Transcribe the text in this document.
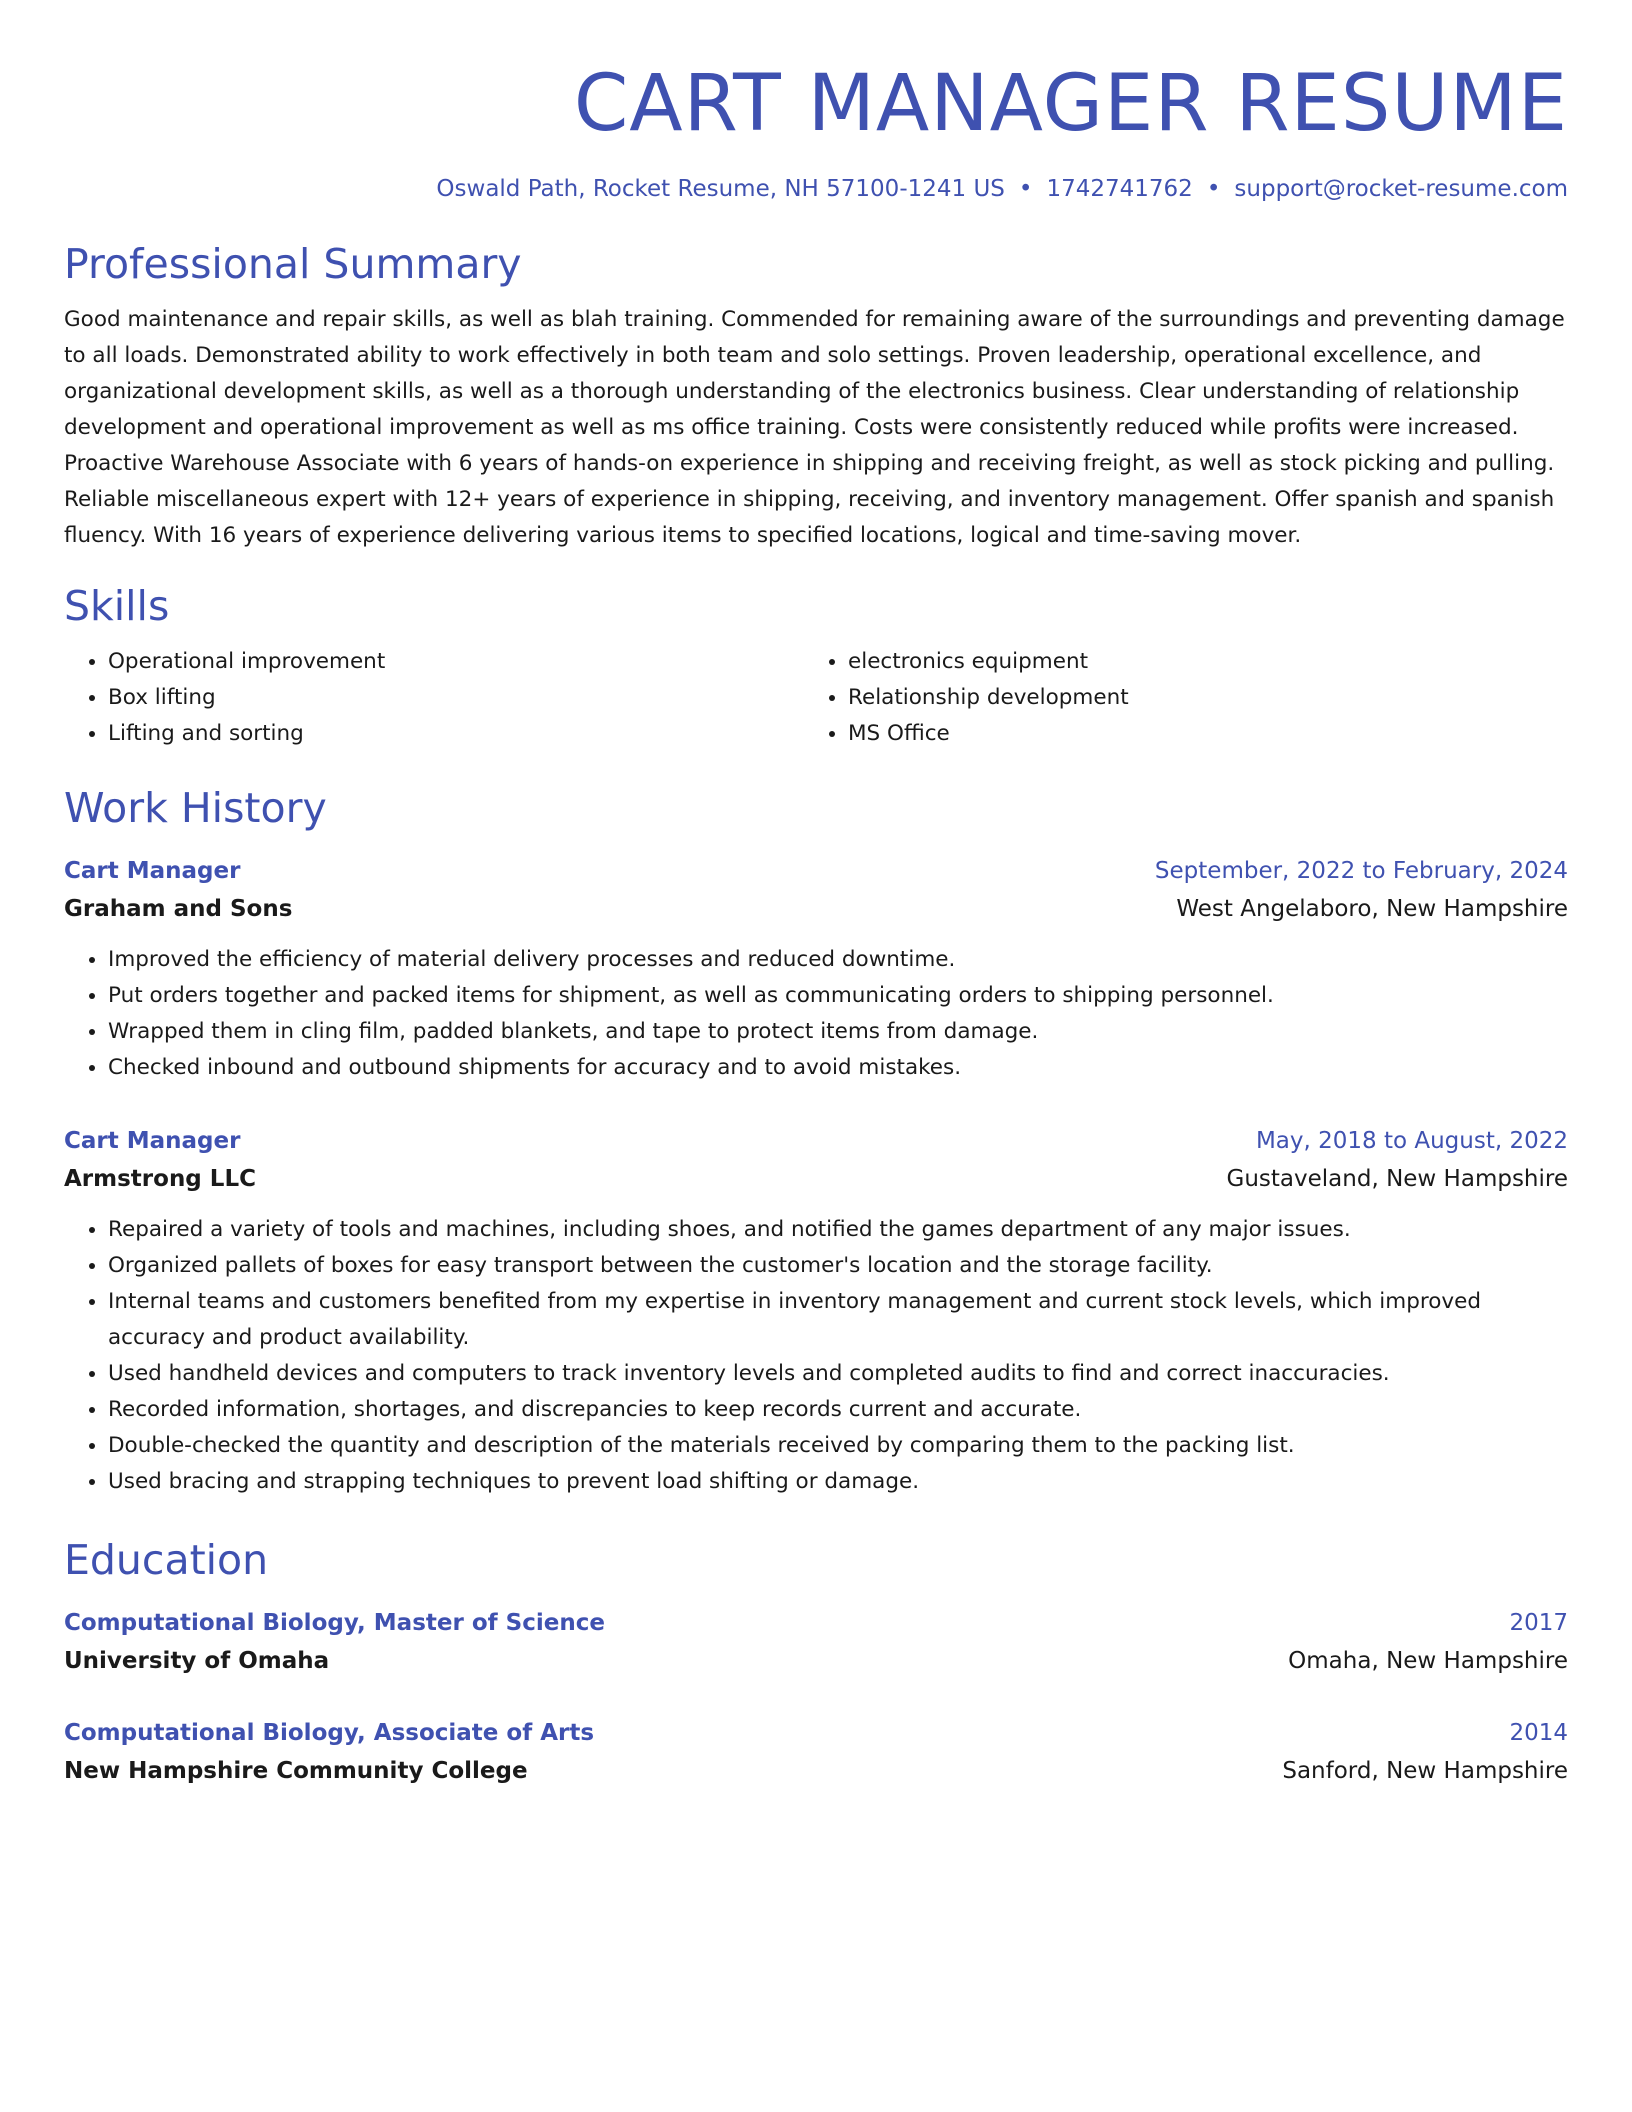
CART MANAGER RESUME
Oswald Path, Rocket Resume, NH 57100-1241 US • 1742741762 • support@rocket-resume.com
Professional Summary
Good maintenance and repair skills, as well as blah training. Commended for remaining aware of the surroundings and preventing damage to all loads. Demonstrated ability to work effectively in both team and solo settings. Proven leadership, operational excellence, and organizational development skills, as well as a thorough understanding of the electronics business. Clear understanding of relationship development and operational improvement as well as ms office training. Costs were consistently reduced while profits were increased. Proactive Warehouse Associate with 6 years of hands-on experience in shipping and receiving freight, as well as stock picking and pulling. Reliable miscellaneous expert with 12+ years of experience in shipping, receiving, and inventory management. Offer spanish and spanish fluency. With 16 years of experience delivering various items to specified locations, logical and time-saving mover.
Skills
• Operational improvement
• Box lifting
• Lifting and sorting
• electronics equipment
• Relationship development
• MS Office
Work History
Cart Manager	September, 2022 to February, 2024
Graham and Sons	West Angelaboro, New Hampshire
• Improved the efficiency of material delivery processes and reduced downtime.
• Put orders together and packed items for shipment, as well as communicating orders to shipping personnel.
• Wrapped them in cling film, padded blankets, and tape to protect items from damage.
• Checked inbound and outbound shipments for accuracy and to avoid mistakes.
Cart Manager	May, 2018 to August, 2022
Armstrong LLC	Gustaveland, New Hampshire
• Repaired a variety of tools and machines, including shoes, and notified the games department of any major issues.
• Organized pallets of boxes for easy transport between the customer's location and the storage facility.
• Internal teams and customers benefited from my expertise in inventory management and current stock levels, which improved accuracy and product availability.
• Used handheld devices and computers to track inventory levels and completed audits to find and correct inaccuracies.
• Recorded information, shortages, and discrepancies to keep records current and accurate.
• Double-checked the quantity and description of the materials received by comparing them to the packing list.
• Used bracing and strapping techniques to prevent load shifting or damage.
Education
Computational Biology, Master of Science	2017
University of Omaha	Omaha, New Hampshire
Computational Biology, Associate of Arts	2014
New Hampshire Community College	Sanford, New Hampshire
